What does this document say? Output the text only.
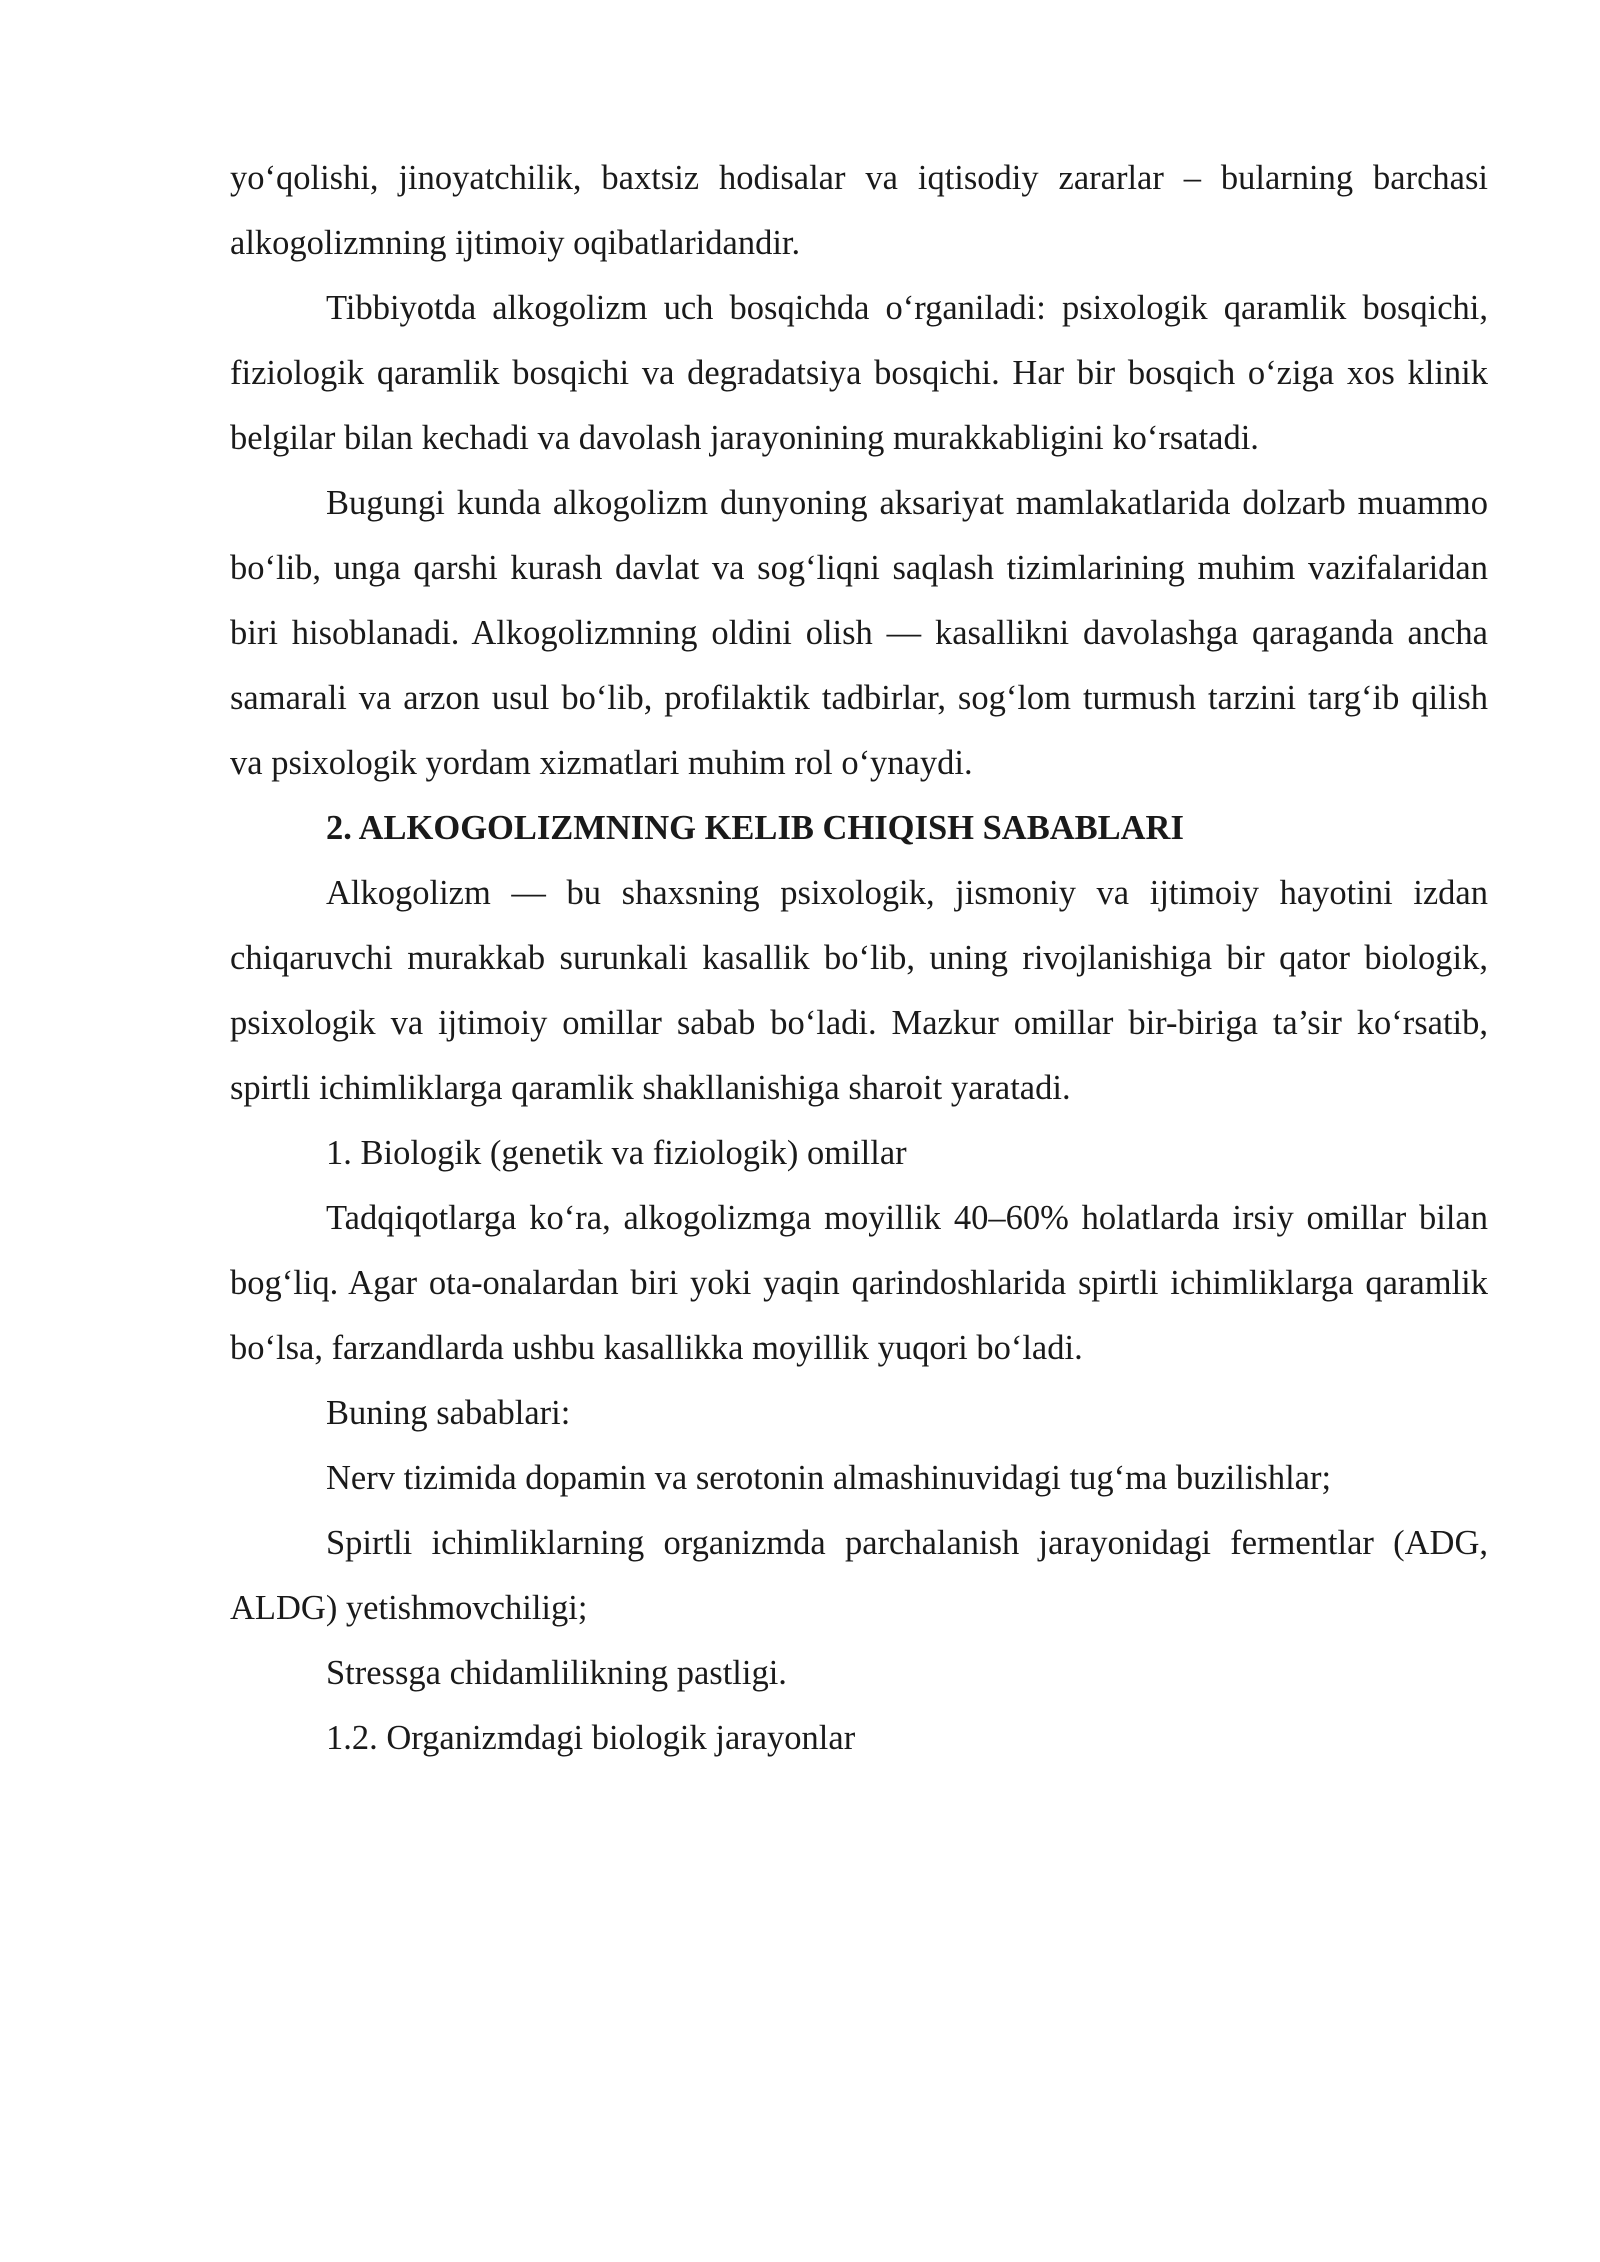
yoʻqolishi, jinoyatchilik, baxtsiz hodisalar va iqtisodiy zararlar – bularning barchasi alkogolizmning ijtimoiy oqibatlaridandir.

Tibbiyotda alkogolizm uch bosqichda oʻrganiladi: psixologik qaramlik bosqichi, fiziologik qaramlik bosqichi va degradatsiya bosqichi. Har bir bosqich oʻziga xos klinik belgilar bilan kechadi va davolash jarayonining murakkabligini koʻrsatadi.

Bugungi kunda alkogolizm dunyoning aksariyat mamlakatlarida dolzarb muammo boʻlib, unga qarshi kurash davlat va sogʻliqni saqlash tizimlarining muhim vazifalaridan biri hisoblanadi. Alkogolizmning oldini olish — kasallikni davolashga qaraganda ancha samarali va arzon usul boʻlib, profilaktik tadbirlar, sogʻlom turmush tarzini targʻib qilish va psixologik yordam xizmatlari muhim rol oʻynaydi.

2. ALKOGOLIZMNING KELIB CHIQISH SABABLARI

Alkogolizm — bu shaxsning psixologik, jismoniy va ijtimoiy hayotini izdan chiqaruvchi murakkab surunkali kasallik boʻlib, uning rivojlanishiga bir qator biologik, psixologik va ijtimoiy omillar sabab boʻladi. Mazkur omillar bir-biriga ta’sir koʻrsatib, spirtli ichimliklarga qaramlik shakllanishiga sharoit yaratadi.

1. Biologik (genetik va fiziologik) omillar

Tadqiqotlarga koʻra, alkogolizmga moyillik 40–60% holatlarda irsiy omillar bilan bogʻliq. Agar ota-onalardan biri yoki yaqin qarindoshlarida spirtli ichimliklarga qaramlik boʻlsa, farzandlarda ushbu kasallikka moyillik yuqori boʻladi.

Buning sabablari:

Nerv tizimida dopamin va serotonin almashinuvidagi tugʻma buzilishlar;

Spirtli ichimliklarning organizmda parchalanish jarayonidagi fermentlar (ADG, ALDG) yetishmovchiligi;

Stressga chidamlilikning pastligi.

1.2. Organizmdagi biologik jarayonlar
